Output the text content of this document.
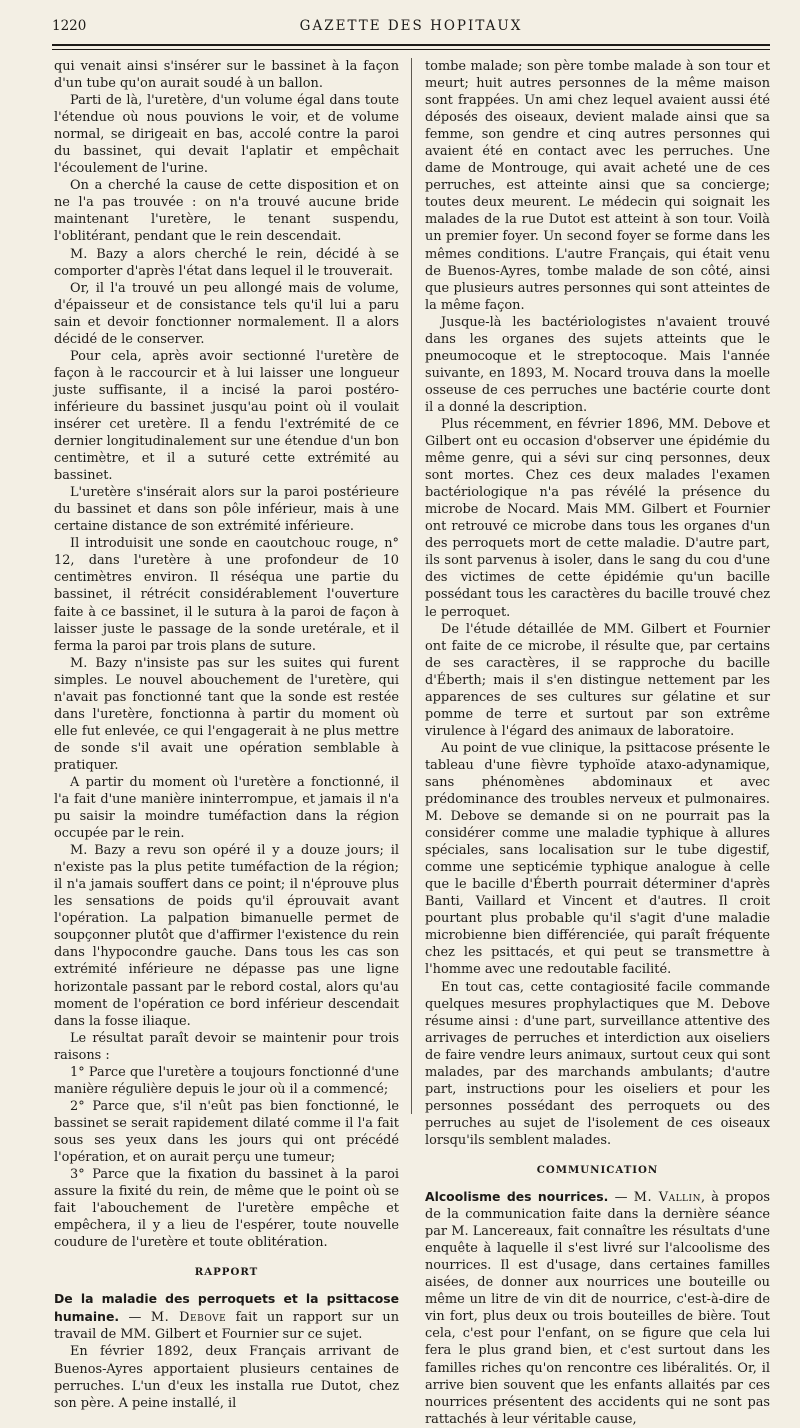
1220	GAZETTE DES HOPITAUX

qui venait ainsi s'insérer sur le bassinet à la façon d'un tube qu'on aurait soudé à un ballon.

Parti de là, l'uretère, d'un volume égal dans toute l'étendue où nous pouvions le voir, et de volume normal, se dirigeait en bas, accolé contre la paroi du bassinet, qui devait l'aplatir et empêchait l'écoulement de l'urine.

On a cherché la cause de cette disposition et on ne l'a pas trouvée : on n'a trouvé aucune bride maintenant l'uretère, le tenant suspendu, l'oblitérant, pendant que le rein descendait.

M. Bazy a alors cherché le rein, décidé à se comporter d'après l'état dans lequel il le trouverait.

Or, il l'a trouvé un peu allongé mais de volume, d'épaisseur et de consistance tels qu'il lui a paru sain et devoir fonctionner normalement. Il a alors décidé de le conserver.

Pour cela, après avoir sectionné l'uretère de façon à le raccourcir et à lui laisser une longueur juste suffisante, il a incisé la paroi postéro-inférieure du bassinet jusqu'au point où il voulait insérer cet uretère. Il a fendu l'extrémité de ce dernier longitudinalement sur une étendue d'un bon centimètre, et il a suturé cette extrémité au bassinet.

L'uretère s'insérait alors sur la paroi postérieure du bassinet et dans son pôle inférieur, mais à une certaine distance de son extrémité inférieure.

Il introduisit une sonde en caoutchouc rouge, n° 12, dans l'uretère à une profondeur de 10 centimètres environ. Il réséqua une partie du bassinet, il rétrécit considérablement l'ouverture faite à ce bassinet, il le sutura à la paroi de façon à laisser juste le passage de la sonde uretérale, et il ferma la paroi par trois plans de suture.

M. Bazy n'insiste pas sur les suites qui furent simples. Le nouvel abouchement de l'uretère, qui n'avait pas fonctionné tant que la sonde est restée dans l'uretère, fonctionna à partir du moment où elle fut enlevée, ce qui l'engagerait à ne plus mettre de sonde s'il avait une opération semblable à pratiquer.

A partir du moment où l'uretère a fonctionné, il l'a fait d'une manière ininterrompue, et jamais il n'a pu saisir la moindre tuméfaction dans la région occupée par le rein.

M. Bazy a revu son opéré il y a douze jours; il n'existe pas la plus petite tuméfaction de la région; il n'a jamais souffert dans ce point; il n'éprouve plus les sensations de poids qu'il éprouvait avant l'opération. La palpation bimanuelle permet de soupçonner plutôt que d'affirmer l'existence du rein dans l'hypocondre gauche. Dans tous les cas son extrémité inférieure ne dépasse pas une ligne horizontale passant par le rebord costal, alors qu'au moment de l'opération ce bord inférieur descendait dans la fosse iliaque.

Le résultat paraît devoir se maintenir pour trois raisons :

1° Parce que l'uretère a toujours fonctionné d'une manière régulière depuis le jour où il a commencé;

2° Parce que, s'il n'eût pas bien fonctionné, le bassinet se serait rapidement dilaté comme il l'a fait sous ses yeux dans les jours qui ont précédé l'opération, et on aurait perçu une tumeur;

3° Parce que la fixation du bassinet à la paroi assure la fixité du rein, de même que le point où se fait l'abouchement de l'uretère empêche et empêchera, il y a lieu de l'espérer, toute nouvelle coudure de l'uretère et toute oblitération.

RAPPORT

De la maladie des perroquets et la psittacose humaine. — M. Debove fait un rapport sur un travail de MM. Gilbert et Fournier sur ce sujet.

En février 1892, deux Français arrivant de Buenos-Ayres apportaient plusieurs centaines de perruches. L'un d'eux les installa rue Dutot, chez son père. A peine installé, il

tombe malade; son père tombe malade à son tour et meurt; huit autres personnes de la même maison sont frappées. Un ami chez lequel avaient aussi été déposés des oiseaux, devient malade ainsi que sa femme, son gendre et cinq autres personnes qui avaient été en contact avec les perruches. Une dame de Montrouge, qui avait acheté une de ces perruches, est atteinte ainsi que sa concierge; toutes deux meurent. Le médecin qui soignait les malades de la rue Dutot est atteint à son tour. Voilà un premier foyer. Un second foyer se forme dans les mêmes conditions. L'autre Français, qui était venu de Buenos-Ayres, tombe malade de son côté, ainsi que plusieurs autres personnes qui sont atteintes de la même façon.

Jusque-là les bactériologistes n'avaient trouvé dans les organes des sujets atteints que le pneumocoque et le streptocoque. Mais l'année suivante, en 1893, M. Nocard trouva dans la moelle osseuse de ces perruches une bactérie courte dont il a donné la description.

Plus récemment, en février 1896, MM. Debove et Gilbert ont eu occasion d'observer une épidémie du même genre, qui a sévi sur cinq personnes, deux sont mortes. Chez ces deux malades l'examen bactériologique n'a pas révélé la présence du microbe de Nocard. Mais MM. Gilbert et Fournier ont retrouvé ce microbe dans tous les organes d'un des perroquets mort de cette maladie. D'autre part, ils sont parvenus à isoler, dans le sang du cou d'une des victimes de cette épidémie qu'un bacille possédant tous les caractères du bacille trouvé chez le perroquet.

De l'étude détaillée de MM. Gilbert et Fournier ont faite de ce microbe, il résulte que, par certains de ses caractères, il se rapproche du bacille d'Éberth; mais il s'en distingue nettement par les apparences de ses cultures sur gélatine et sur pomme de terre et surtout par son extrême virulence à l'égard des animaux de laboratoire.

Au point de vue clinique, la psittacose présente le tableau d'une fièvre typhoïde ataxo-adynamique, sans phénomènes abdominaux et avec prédominance des troubles nerveux et pulmonaires. M. Debove se demande si on ne pourrait pas la considérer comme une maladie typhique à allures spéciales, sans localisation sur le tube digestif, comme une septicémie typhique analogue à celle que le bacille d'Éberth pourrait déterminer d'après Banti, Vaillard et Vincent et d'autres. Il croit pourtant plus probable qu'il s'agit d'une maladie microbienne bien différenciée, qui paraît fréquente chez les psittacés, et qui peut se transmettre à l'homme avec une redoutable facilité.

En tout cas, cette contagiosité facile commande quelques mesures prophylactiques que M. Debove résume ainsi : d'une part, surveillance attentive des arrivages de perruches et interdiction aux oiseliers de faire vendre leurs animaux, surtout ceux qui sont malades, par des marchands ambulants; d'autre part, instructions pour les oiseliers et pour les personnes possédant des perroquets ou des perruches au sujet de l'isolement de ces oiseaux lorsqu'ils semblent malades.

COMMUNICATION

Alcoolisme des nourrices. — M. Vallin, à propos de la communication faite dans la dernière séance par M. Lancereaux, fait connaître les résultats d'une enquête à laquelle il s'est livré sur l'alcoolisme des nourrices. Il est d'usage, dans certaines familles aisées, de donner aux nourrices une bouteille ou même un litre de vin dit de nourrice, c'est-à-dire de vin fort, plus deux ou trois bouteilles de bière. Tout cela, c'est pour l'enfant, on se figure que cela lui fera le plus grand bien, et c'est surtout dans les familles riches qu'on rencontre ces libéralités. Or, il arrive bien souvent que les enfants allaités par ces nourrices présentent des accidents qui ne sont pas rattachés à leur véritable cause,
